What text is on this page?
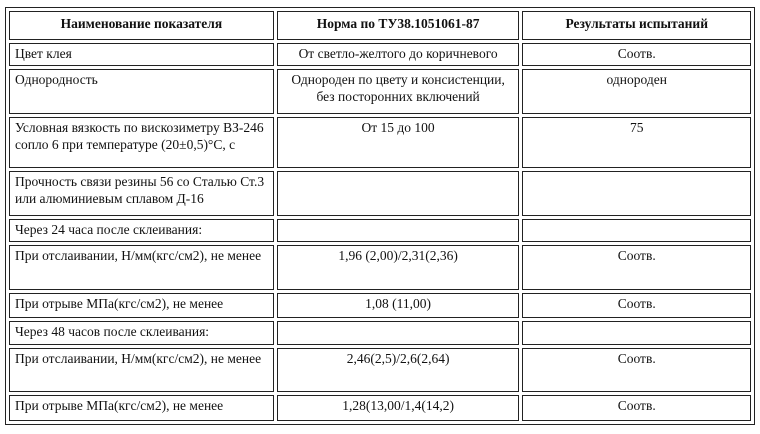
Наименование показателя	Норма по ТУ38.1051061-87	Результаты испытаний
Цвет клея	От светло-желтого до коричневого	Соотв.
Однородность	Однороден по цвету и консистенции, без посторонних включений	однороден
Условная вязкость по вискозиметру ВЗ-246 сопло 6 при температуре (20±0,5)°С, с	От 15 до 100	75
Прочность связи резины 56 со Сталью Ст.3 или алюминиевым сплавом Д-16		
Через 24 часа после склеивания:		
При отслаивании, Н/мм(кгс/см2), не менее	1,96 (2,00)/2,31(2,36)	Соотв.
При отрыве МПа(кгс/см2), не менее	1,08 (11,00)	Соотв.
Через 48 часов после склеивания:		
При отслаивании, Н/мм(кгс/см2), не менее	2,46(2,5)/2,6(2,64)	Соотв.
При отрыве МПа(кгс/см2), не менее	1,28(13,00/1,4(14,2)	Соотв.
